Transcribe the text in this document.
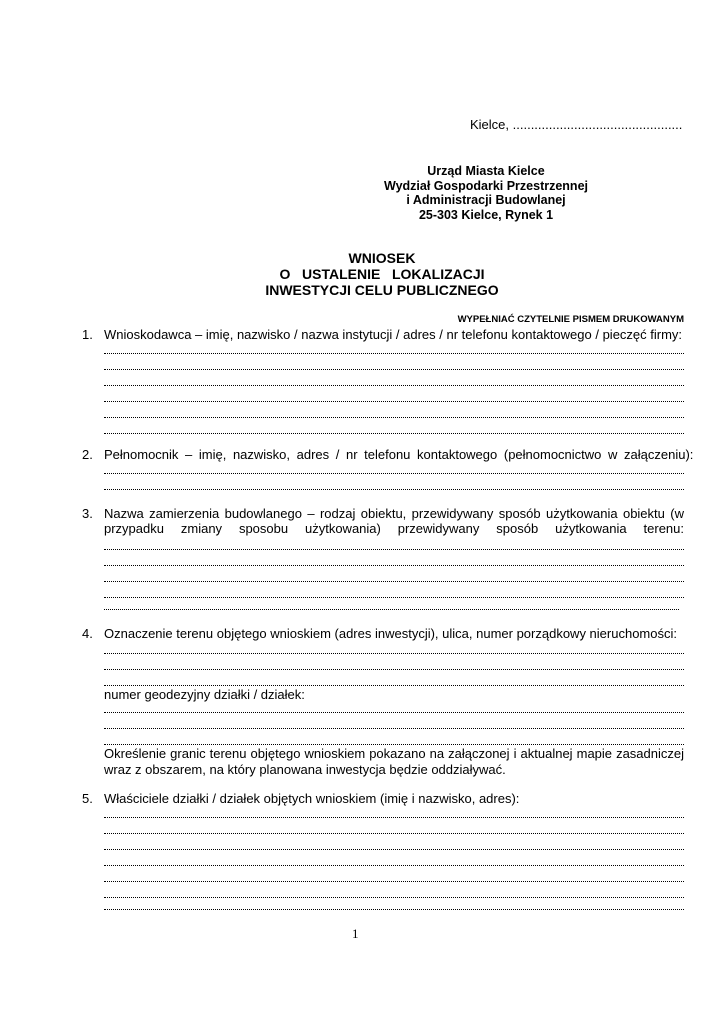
Kielce, ...............................................
Urząd Miasta Kielce
Wydział Gospodarki Przestrzennej
i Administracji Budowlanej
25-303 Kielce, Rynek 1
WNIOSEK
O   USTALENIE   LOKALIZACJI
INWESTYCJI CELU PUBLICZNEGO
WYPEŁNIAĆ CZYTELNIE PISMEM DRUKOWANYM
1. Wnioskodawca – imię, nazwisko / nazwa instytucji / adres / nr telefonu kontaktowego / pieczęć firmy:
2. Pełnomocnik – imię, nazwisko, adres / nr telefonu kontaktowego (pełnomocnictwo w załączeniu):
3. Nazwa zamierzenia budowlanego – rodzaj obiektu, przewidywany sposób użytkowania obiektu (w
przypadku zmiany sposobu użytkowania) przewidywany sposób użytkowania terenu:
4. Oznaczenie terenu objętego wnioskiem (adres inwestycji), ulica, numer porządkowy nieruchomości:
numer geodezyjny działki / działek:
Określenie granic terenu objętego wnioskiem pokazano na załączonej i aktualnej mapie zasadniczej
wraz z obszarem, na który planowana inwestycja będzie oddziaływać.
5. Właściciele działki / działek objętych wnioskiem (imię i nazwisko, adres):
1
